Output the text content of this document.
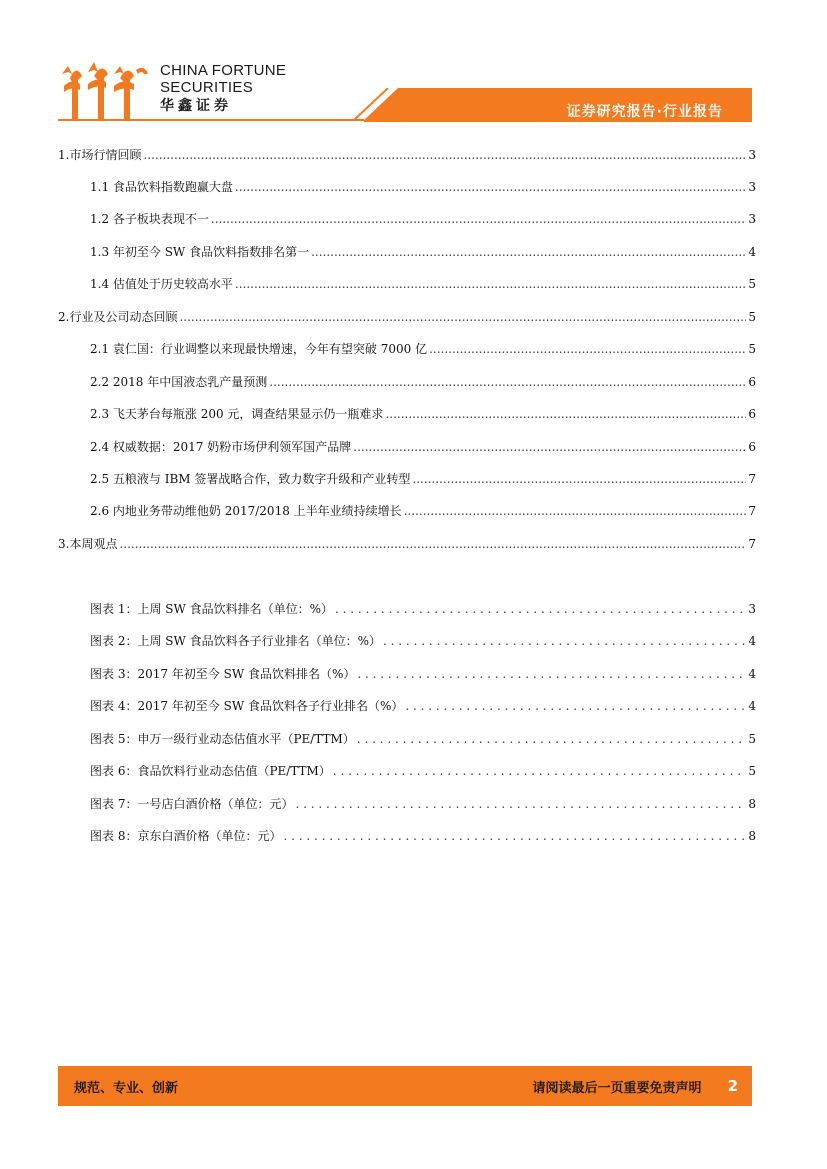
CHINA FORTUNE
SECURITIES
华鑫证券	证券研究报告·行业报告
1.市场行情回顾 .....	3
1.1 食品饮料指数跑赢大盘 .....	3
1.2 各子板块表现不一 .....	3
1.3 年初至今 SW 食品饮料指数排名第一 .....	4
1.4 估值处于历史较高水平 .....	5
2.行业及公司动态回顾 .....	5
2.1 袁仁国：行业调整以来现最快增速，今年有望突破 7000 亿 .....	5
2.2 2018 年中国液态乳产量预测 .....	6
2.3 飞天茅台每瓶涨 200 元，调查结果显示仍一瓶难求 .....	6
2.4 权威数据：2017 奶粉市场伊利领军国产品牌 .....	6
2.5 五粮液与 IBM 签署战略合作，致力数字升级和产业转型 .....	7
2.6 内地业务带动维他奶 2017/2018 上半年业绩持续增长 .....	7
3.本周观点 .....	7
图表 1：上周 SW 食品饮料排名（单位：%） . . .	3
图表 2：上周 SW 食品饮料各子行业排名（单位：%） . . .	4
图表 3：2017 年初至今 SW 食品饮料排名（%） . . .	4
图表 4：2017 年初至今 SW 食品饮料各子行业排名（%） . . .	4
图表 5：申万一级行业动态估值水平（PE/TTM） . . .	5
图表 6：食品饮料行业动态估值（PE/TTM） . . .	5
图表 7：一号店白酒价格（单位：元） . . .	8
图表 8：京东白酒价格（单位：元） . . .	8
规范、专业、创新	请阅读最后一页重要免责声明 2
